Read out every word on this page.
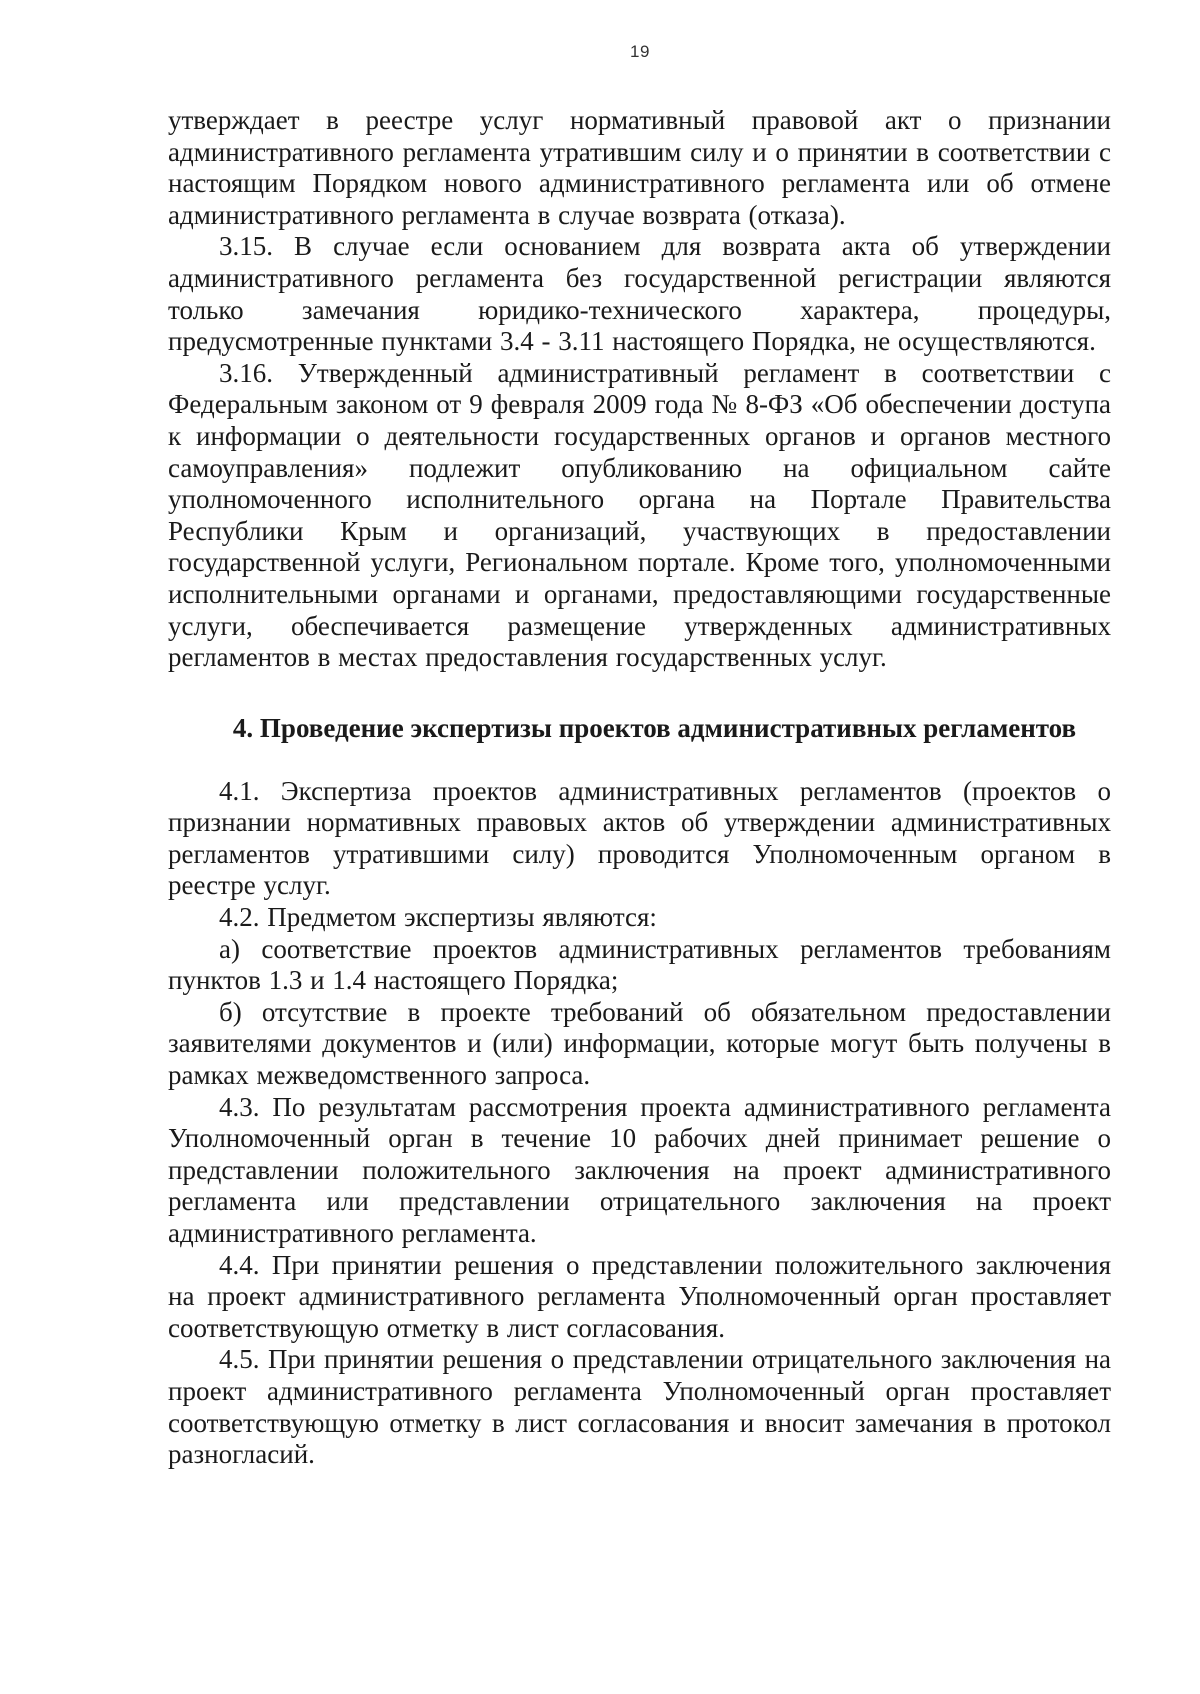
19

утверждает в реестре услуг нормативный правовой акт о признании административного регламента утратившим силу и о принятии в соответствии с настоящим Порядком нового административного регламента или об отмене административного регламента в случае возврата (отказа).

3.15. В случае если основанием для возврата акта об утверждении административного регламента без государственной регистрации являются только замечания юридико-технического характера, процедуры, предусмотренные пунктами 3.4 - 3.11 настоящего Порядка, не осуществляются.

3.16. Утвержденный административный регламент в соответствии с Федеральным законом от 9 февраля 2009 года № 8-ФЗ «Об обеспечении доступа к информации о деятельности государственных органов и органов местного самоуправления» подлежит опубликованию на официальном сайте уполномоченного исполнительного органа на Портале Правительства Республики Крым и организаций, участвующих в предоставлении государственной услуги, Региональном портале. Кроме того, уполномоченными исполнительными органами и органами, предоставляющими государственные услуги, обеспечивается размещение утвержденных административных регламентов в местах предоставления государственных услуг.

4. Проведение экспертизы проектов административных регламентов

4.1. Экспертиза проектов административных регламентов (проектов о признании нормативных правовых актов об утверждении административных регламентов утратившими силу) проводится Уполномоченным органом в реестре услуг.

4.2. Предметом экспертизы являются:

а) соответствие проектов административных регламентов требованиям пунктов 1.3 и 1.4 настоящего Порядка;

б) отсутствие в проекте требований об обязательном предоставлении заявителями документов и (или) информации, которые могут быть получены в рамках межведомственного запроса.

4.3. По результатам рассмотрения проекта административного регламента Уполномоченный орган в течение 10 рабочих дней принимает решение о представлении положительного заключения на проект административного регламента или представлении отрицательного заключения на проект административного регламента.

4.4. При принятии решения о представлении положительного заключения на проект административного регламента Уполномоченный орган проставляет соответствующую отметку в лист согласования.

4.5. При принятии решения о представлении отрицательного заключения на проект административного регламента Уполномоченный орган проставляет соответствующую отметку в лист согласования и вносит замечания в протокол разногласий.
